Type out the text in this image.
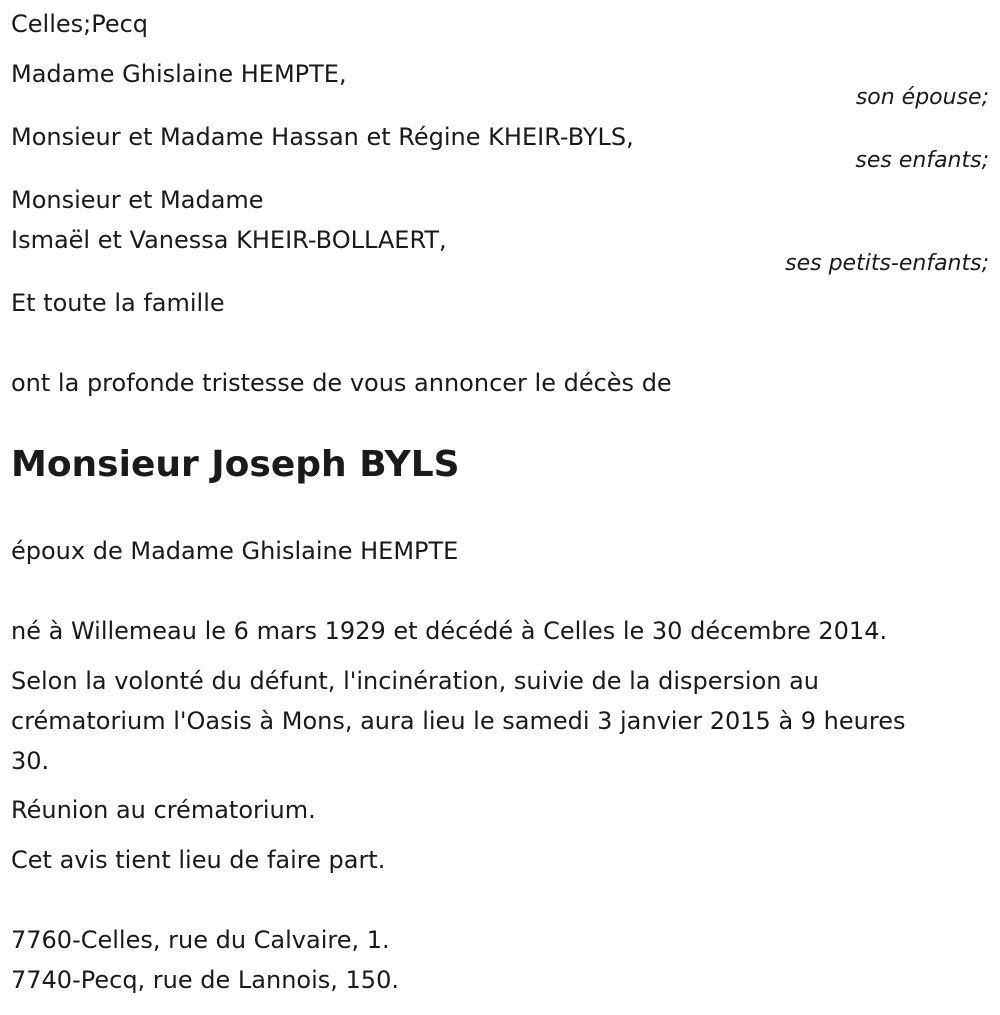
Celles;Pecq
Madame Ghislaine HEMPTE,
son épouse;
Monsieur et Madame Hassan et Régine KHEIR-BYLS,
ses enfants;
Monsieur et Madame
Ismaël et Vanessa KHEIR-BOLLAERT,
ses petits-enfants;
Et toute la famille
ont la profonde tristesse de vous annoncer le décès de
Monsieur Joseph BYLS
époux de Madame Ghislaine HEMPTE
né à Willemeau le 6 mars 1929 et décédé à Celles le 30 décembre 2014.
Selon la volonté du défunt, l'incinération, suivie de la dispersion au
crématorium l'Oasis à Mons, aura lieu le samedi 3 janvier 2015 à 9 heures
30.
Réunion au crématorium.
Cet avis tient lieu de faire part.
7760-Celles, rue du Calvaire, 1.
7740-Pecq, rue de Lannois, 150.
